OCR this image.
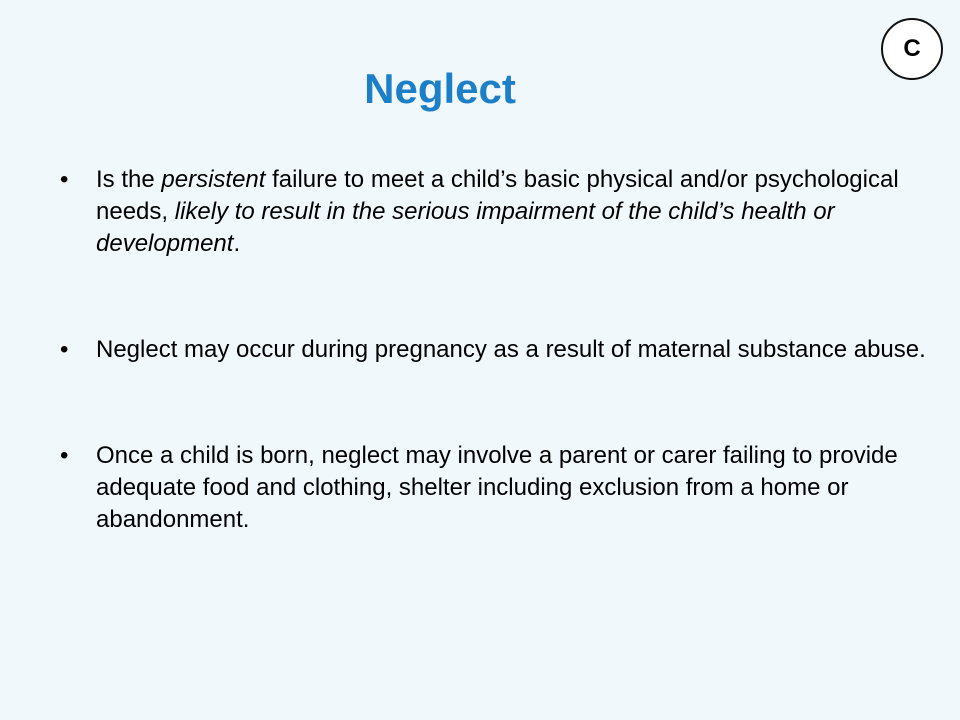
C
Neglect
• Is the persistent failure to meet a child’s basic physical and/or psychological needs, likely to result in the serious impairment of the child’s health or development.
• Neglect may occur during pregnancy as a result of maternal substance abuse.
• Once a child is born, neglect may involve a parent or carer failing to provide adequate food and clothing, shelter including exclusion from a home or abandonment.
